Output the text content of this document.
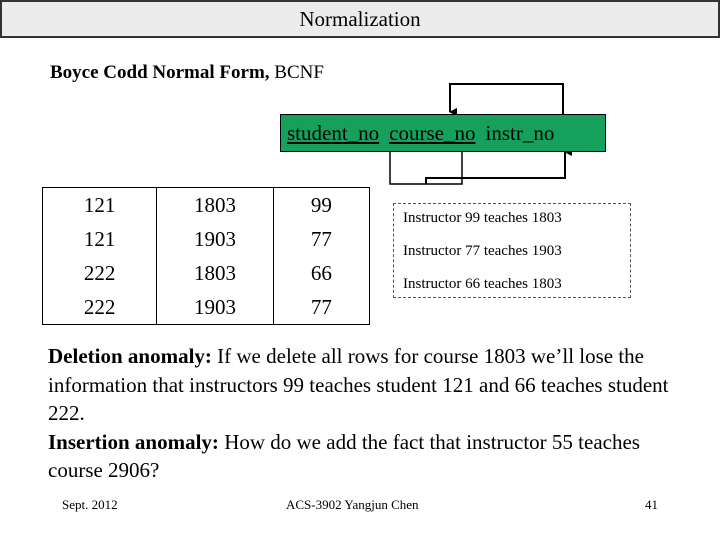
Normalization
Boyce Codd Normal Form, BCNF
student_no course_no instr_no
121	1803	99
121	1903	77
222	1803	66
222	1903	77
Instructor 99 teaches 1803
Instructor 77 teaches 1903
Instructor 66 teaches 1803
Deletion anomaly: If we delete all rows for course 1803 we’ll lose the information that instructors 99 teaches student 121 and 66 teaches student 222.
Insertion anomaly: How do we add the fact that instructor 55 teaches course 2906?
Sept. 2012	ACS-3902 Yangjun Chen	41
